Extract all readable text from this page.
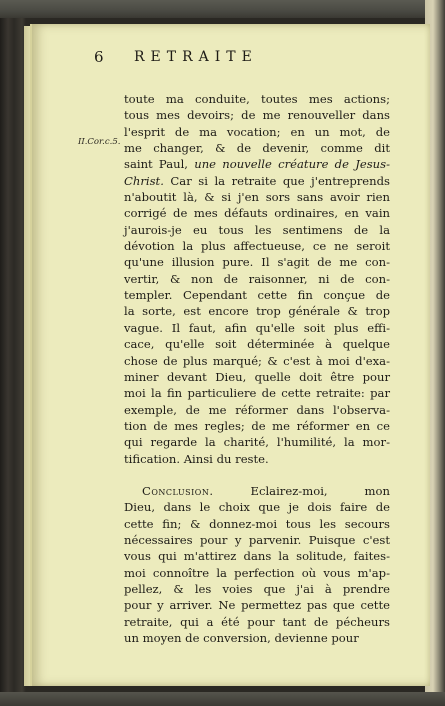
6 RETRAITE
II.Cor.c.5.
toute ma conduite, toutes mes actions;
tous mes devoirs; de me renouveller dans
l'esprit de ma vocation; en un mot, de
me changer, & de devenir, comme dit
saint Paul, une nouvelle créature de Jesus-
Christ. Car si la retraite que j'entreprends
n'aboutit là, & si j'en sors sans avoir rien
corrigé de mes défauts ordinaires, en vain
j'aurois-je eu tous les sentimens de la
dévotion la plus affectueuse, ce ne seroit
qu'une illusion pure. Il s'agit de me con-
vertir, & non de raisonner, ni de con-
templer. Cependant cette fin conçue de
la sorte, est encore trop générale & trop
vague. Il faut, afin qu'elle soit plus effi-
cace, qu'elle soit déterminée à quelque
chose de plus marqué; & c'est à moi d'exa-
miner devant Dieu, quelle doit être pour
moi la fin particuliere de cette retraite: par
exemple, de me réformer dans l'observa-
tion de mes regles; de me réformer en ce
qui regarde la charité, l'humilité, la mor-
tification. Ainsi du reste.
Conclusion. Eclairez-moi, mon
Dieu, dans le choix que je dois faire de
cette fin; & donnez-moi tous les secours
nécessaires pour y parvenir. Puisque c'est
vous qui m'attirez dans la solitude, faites-
moi connoître la perfection où vous m'ap-
pellez, & les voies que j'ai à prendre
pour y arriver. Ne permettez pas que cette
retraite, qui a été pour tant de pécheurs
un moyen de conversion, devienne pour
